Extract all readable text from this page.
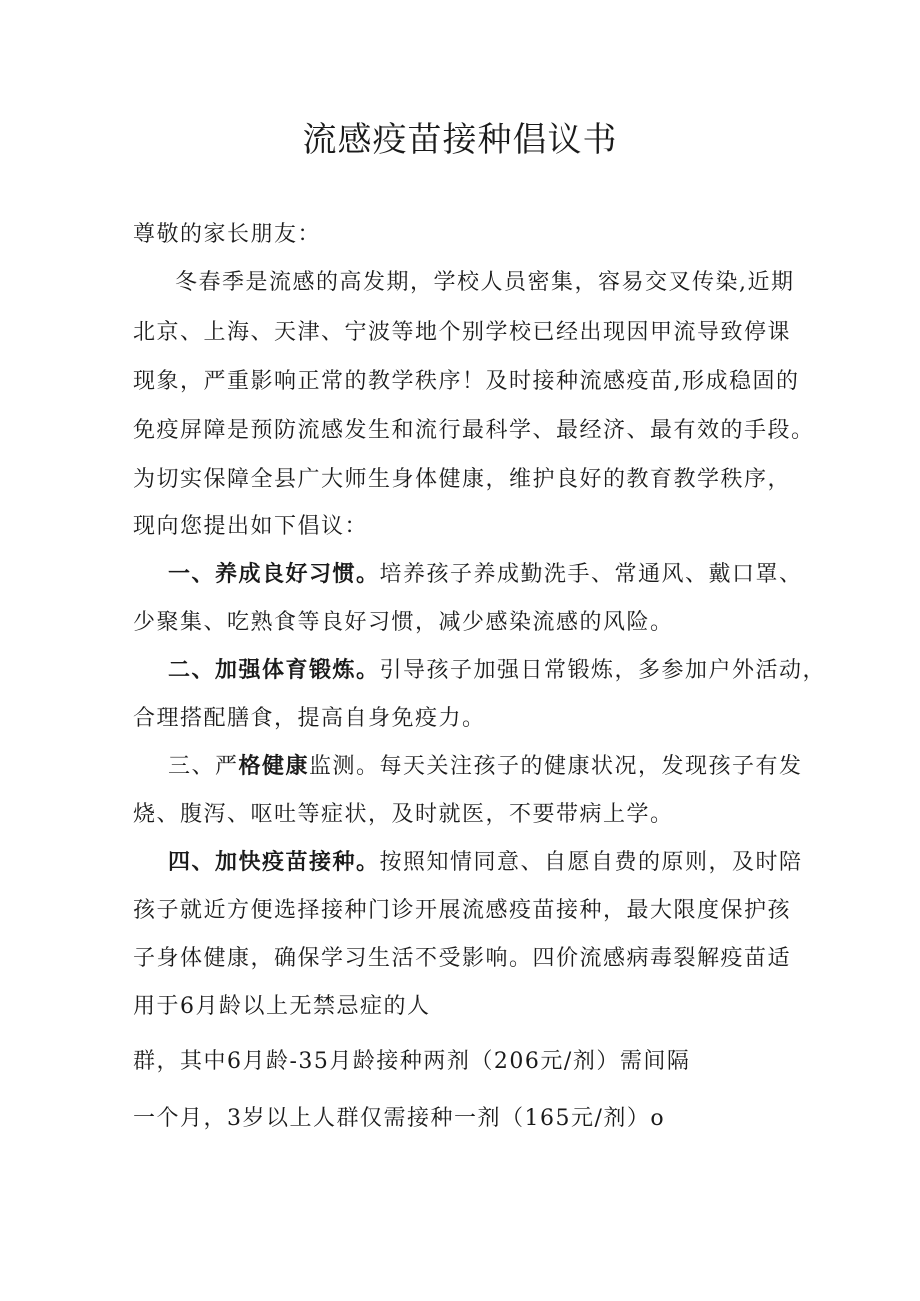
流感疫苗接种倡议书
尊敬的家长朋友：
冬春季是流感的高发期，学校人员密集，容易交叉传染,近期
北京、上海、天津、宁波等地个别学校已经出现因甲流导致停课
现象，严重影响正常的教学秩序！及时接种流感疫苗,形成稳固的
免疫屏障是预防流感发生和流行最科学、最经济、最有效的手段。
为切实保障全县广大师生身体健康，维护良好的教育教学秩序，
现向您提出如下倡议：
一、养成良好习惯。培养孩子养成勤洗手、常通风、戴口罩、
少聚集、吃熟食等良好习惯，减少感染流感的风险。
二、加强体育锻炼。引导孩子加强日常锻炼，多参加户外活动，
合理搭配膳食，提高自身免疫力。
三、严格健康监测。每天关注孩子的健康状况，发现孩子有发
烧、腹泻、呕吐等症状，及时就医，不要带病上学。
四、加快疫苗接种。按照知情同意、自愿自费的原则，及时陪
孩子就近方便选择接种门诊开展流感疫苗接种，最大限度保护孩
子身体健康，确保学习生活不受影响。四价流感病毒裂解疫苗适
用于6月龄以上无禁忌症的人
群，其中6月龄-35月龄接种两剂（206元/剂）需间隔
一个月，3岁以上人群仅需接种一剂（165元/剂）o
